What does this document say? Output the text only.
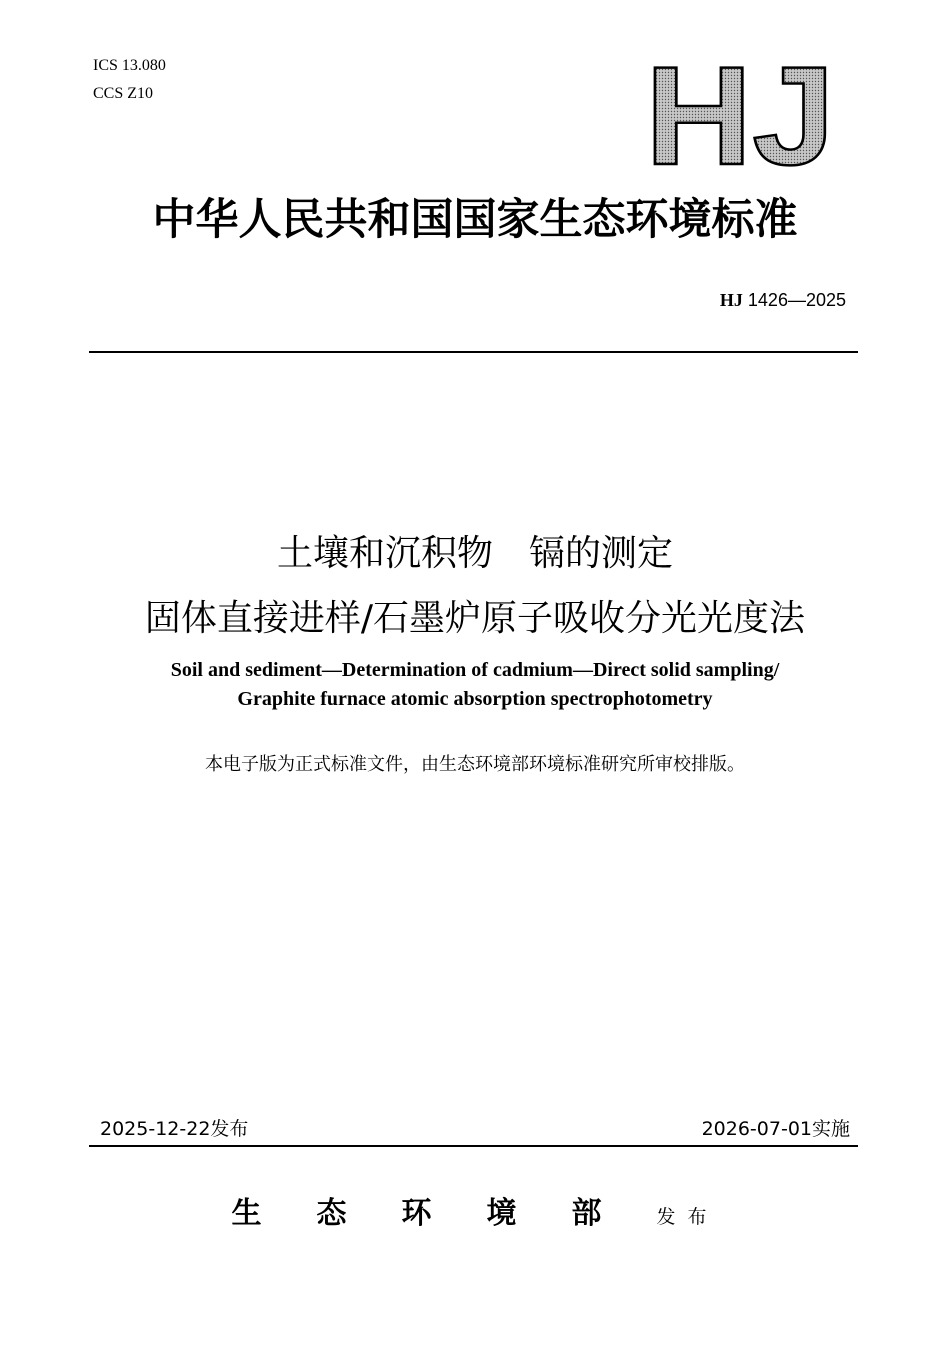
ICS 13.080
CCS Z10	HJ
中华人民共和国国家生态环境标准
HJ 1426—2025
土壤和沉积物　镉的测定
固体直接进样/石墨炉原子吸收分光光度法
Soil and sediment—Determination of cadmium—Direct solid sampling/
Graphite furnace atomic absorption spectrophotometry
本电子版为正式标准文件，由生态环境部环境标准研究所审校排版。
2025-12-22发布	2026-07-01实施
生态环境部发布
